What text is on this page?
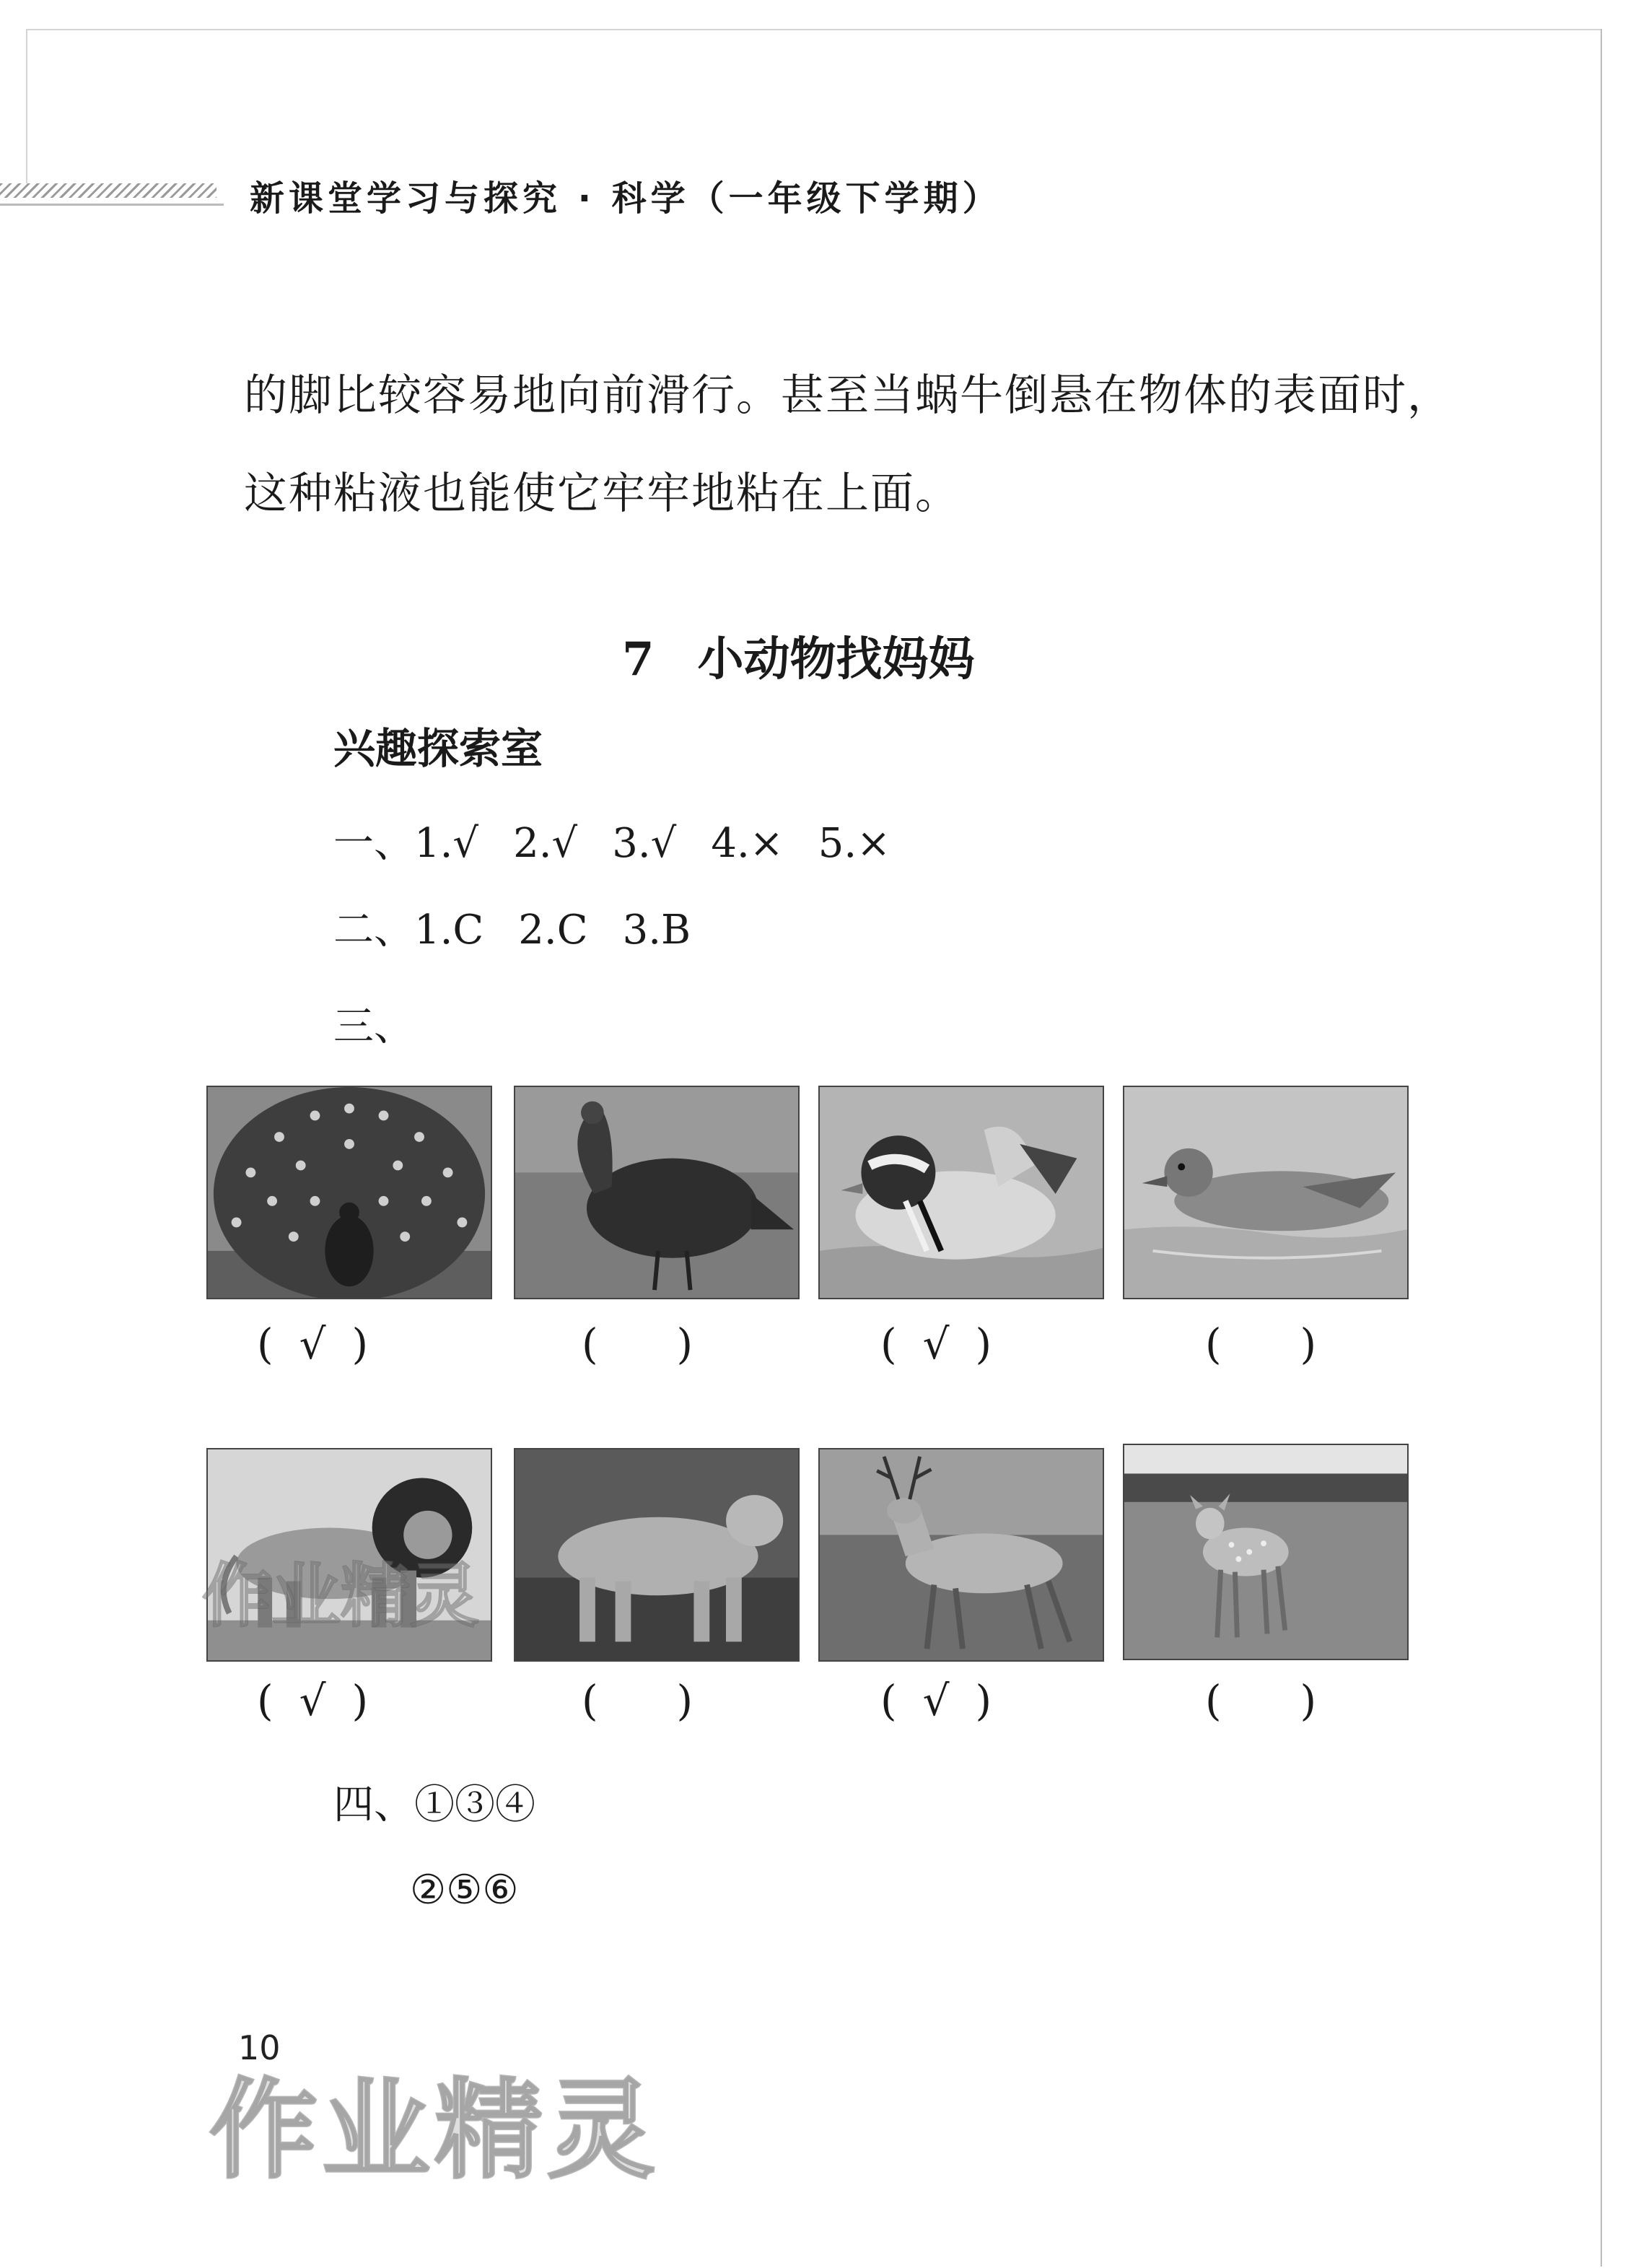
新课堂学习与探究 · 科学（一年级下学期）
的脚比较容易地向前滑行。甚至当蜗牛倒悬在物体的表面时，
这种粘液也能使它牢牢地粘在上面。
7 小动物找妈妈
兴趣探索室
一、1.√ 2.√ 3.√ 4.× 5.×
二、1.C 2.C 3.B
三、
( √ )	(  )	( √ )	(  )
( √ )	(  )	( √ )	(  )
作业精灵
四、①③④
②⑤⑥
10
作业精灵
